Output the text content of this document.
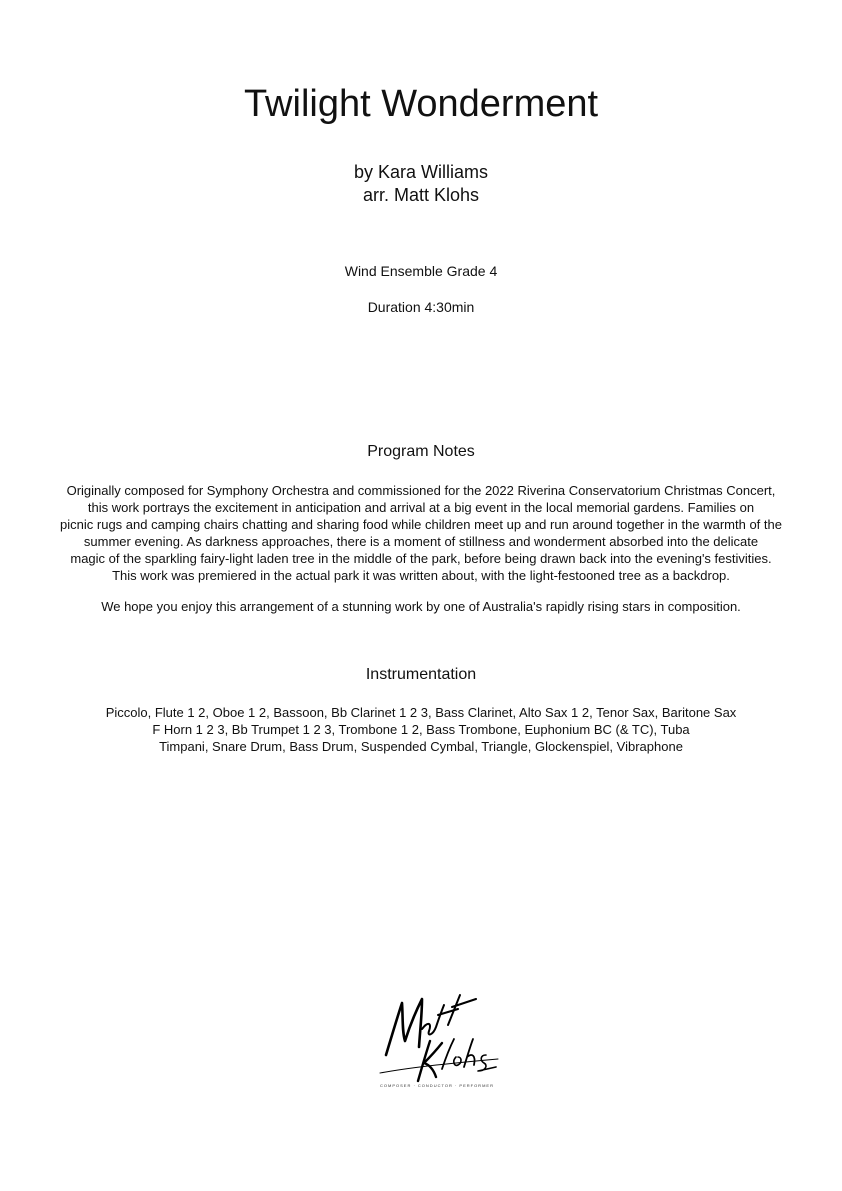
Twilight Wonderment
by Kara Williams
arr. Matt Klohs
Wind Ensemble Grade 4
Duration 4:30min
Program Notes
Originally composed for Symphony Orchestra and commissioned for the 2022 Riverina Conservatorium Christmas Concert,
this work portrays the excitement in anticipation and arrival at a big event in the local memorial gardens. Families on
picnic rugs and camping chairs chatting and sharing food while children meet up and run around together in the warmth of the
summer evening. As darkness approaches, there is a moment of stillness and wonderment absorbed into the delicate
magic of the sparkling fairy-light laden tree in the middle of the park, before being drawn back into the evening's festivities.
This work was premiered in the actual park it was written about, with the light-festooned tree as a backdrop.
We hope you enjoy this arrangement of a stunning work by one of Australia's rapidly rising stars in composition.
Instrumentation
Piccolo, Flute 1 2, Oboe 1 2, Bassoon, Bb Clarinet 1 2 3, Bass Clarinet, Alto Sax 1 2, Tenor Sax, Baritone Sax
F Horn 1 2 3, Bb Trumpet 1 2 3, Trombone 1 2, Bass Trombone, Euphonium BC (& TC), Tuba
Timpani, Snare Drum, Bass Drum, Suspended Cymbal, Triangle, Glockenspiel, Vibraphone
COMPOSER · CONDUCTOR · PERFORMER
